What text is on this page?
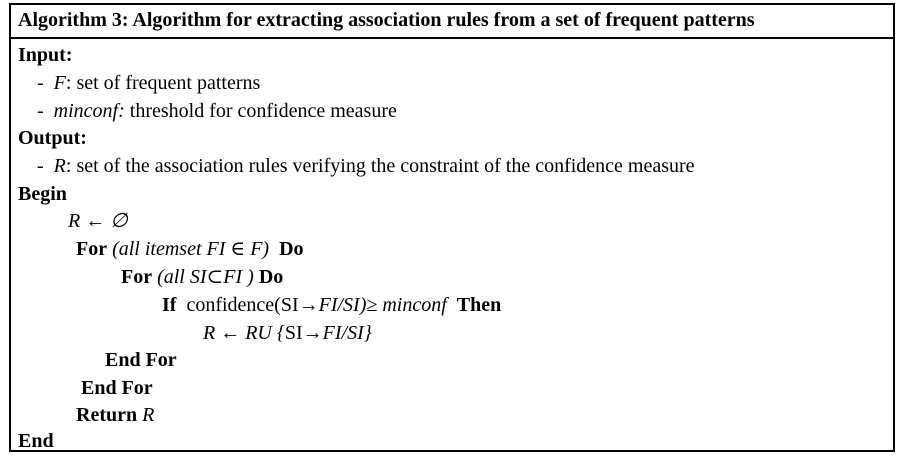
Algorithm 3: Algorithm for extracting association rules from a set of frequent patterns
Input:
- F: set of frequent patterns
- minconf: threshold for confidence measure
Output:
- R: set of the association rules verifying the constraint of the confidence measure
Begin
R ← ∅
For (all itemset FI ∈ F) Do
For (all SI⊂FI ) Do
If confidence(SI→FI/SI)≥ minconf Then
R ← RU {SI→FI/SI}
End For
End For
Return R
End
